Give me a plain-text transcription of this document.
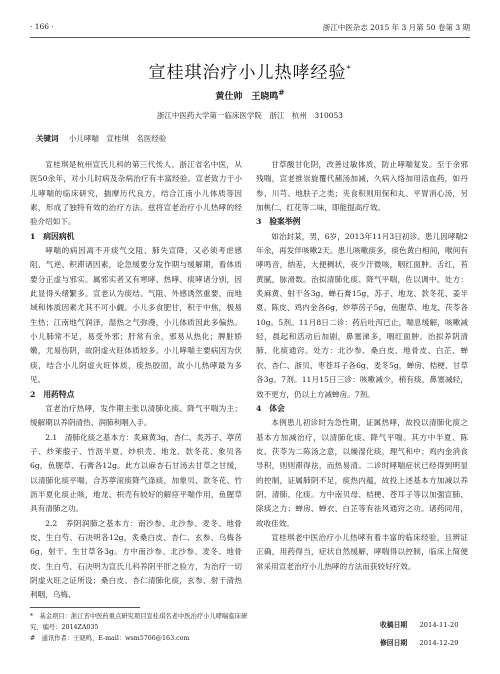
· 166 ·	浙江中医杂志 2015 年 3 月第 50 卷第 3 期
宣桂琪治疗小儿热哮经验*
黄仕帅　王晓鸣#
浙江中医药大学第一临床医学院　浙江　杭州　310053
关键词 小儿哮喘　宣桂琪　名医经验

宣桂琪是杭州宣氏儿科的第三代传人、浙江省名中医，从医50余年，对小儿时病及杂病治疗有丰富经验。宣老致力于小儿哮喘的临床研究，揣摩历代良方，结合江南小儿体质等因素，形成了独特有效的治疗方法。兹将宣老治疗小儿热哮的经验介绍如下。

1　病因病机

哮喘的病因离不开痰气交阻、肺失宣降，又必须考虑感阻、气逆、积滞诸因素，论急缓要分发作期与缓解期，看体质要分正虚与邪实。属邪实者又有寒哮、热哮、痰哮诸分别，因此显得头绪繁多。宣老认为痰结、气阻、外感诱然重要，而地域和体质因素尤其不可小觑。小儿多食肥甘，积于中焦，极易生热；江南地气润泽，湿热之气弥漫，小儿体质因此多偏热。小儿肺常不足，易受外邪；肝常有余，邪易从热化；脾脏娇嫩，尤易伤阴，故阴虚火旺体质较多。小儿哮喘主要病因为伏痰，结合小儿阴虚火旺体质，痰热胶固，故小儿热哮最为多见。

2　用药特点

宣老治疗热哮，发作期主张以清肺化痰、降气平喘为主；缓解期以养阴清热、润肺利咽入手。

2.1　清肺化痰之基本方：炙麻黄3g，杏仁、炙苏子、葶苈子、炒莱菔子、竹沥半夏、炒枳壳、地龙、款冬花、象贝各6g，鱼腥草、石膏各12g。此方以麻杏石甘汤去甘草之甘缓，以清肺化痰平喘，合苏葶滚痰降气涤痰，加象贝、款冬花、竹沥半夏化痰止咳，地龙、枳壳有较好的解痉平喘作用，鱼腥草具有清肺之功。

2.2　养阴润肺之基本方：南沙参、北沙参、麦冬、地骨皮、生白芍、石决明各12g，炙桑白皮、杏仁、玄参、乌梅各6g，射干、生甘草各3g。方中南沙参、北沙参、麦冬、地骨皮、生白芍、石决明为宣氏儿科养阴平肝之验方，为治疗一切阴虚火旺之证所设；桑白皮、杏仁清肺化痰，玄参、射干清热利咽，乌梅、

甘草酸甘化阴，改善过敏体质，防止哮喘复发。至于余邪残喘，宣老推崇旋覆代赭汤加减，久病入络加用活血药，如丹参、川芎、地肤子之类；夹食积则用保和丸、平胃消心汤，另加桃仁、红花等二味，即能提高疗效。

3　验案举例

如治封某，男，6岁，2013年11月3日初诊。患儿因哮喘2年余，再发伴咳嗽2天。患儿咳嗽痰多，痰色黄白相间，喉间有哮鸣音，纳差，大便稠状，夜少汗微咳，咽红面肿。舌红，苔黄腻，脉滑数。治拟清肺化痰、降气平喘，佐以调中。处方：炙麻黄、射干各3g，蝉石膏15g，苏子、地龙、款冬花、姜半夏、陈皮、鸡内金各6g，炒葶苈子5g，鱼腥草、地龙、茯苓各10g。5剂。11月8日二诊：药后吐泻已止，喘息缓解，咳嗽减轻，晨起和活动后加剧，鼻塞涕多，咽红面肿。治拟养阴清肺、化痰通窍。处方：北沙参、桑白皮、地骨皮、白芷、蝉衣、杏仁、浙贝、枣苍耳子各6g，麦冬5g，蝉房、桔梗、甘草各3g。7剂。11月15日三诊：咳嗽减少，稍有痰，鼻塞减轻，效不更方，仍以上方减蝉房。7剂。

4　体会

本例患儿初诊时为急性期，证属热哮，故投以清肺化痰之基本方加减治疗，以清肺化痰、降气平喘。其方中半夏、陈皮、茯苓为二陈汤之意，以燥湿化痰，理气和中；鸡内金消食导积，则则滞得祛，而热易清。二诊时哮喘症状已经得到明显的控制，证属肺阴不足，痰热内蕴，故投上述基本方加减以养阴、清肺、化痰。方中南贝母、桔梗、苍耳子等以加强宣肺、除痰之力；蝉房、蝉衣、白芷等有祛风通窍之功。诸药同用，故收佳效。

宣桂琪老中医治疗小儿热哮有着丰富的临床经验，且辨证正确，用药得当，症状自然缓解，哮喘得以控制，临床上简便常采用宣老治疗小儿热哮的方法而获较好疗效。

*　基金项目：浙江省中医药重点研究项目宣桂琪名老中医治疗小儿哮喘临床研究，编号：2014ZA035

#　通讯作者：王晓鸣，E-mail：wsm5766@163.com

收稿日期 2014-11-20
修回日期 2014-12-29
